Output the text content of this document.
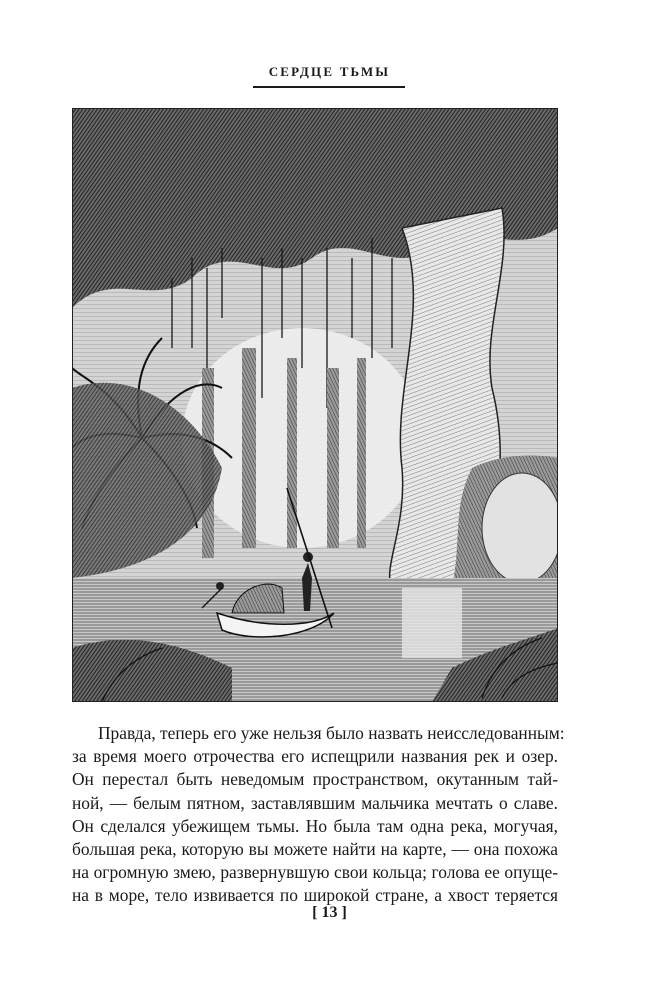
СЕРДЦЕ ТЬМЫ
Правда, теперь его уже нельзя было назвать неисследованным:
за время моего отрочества его испещрили названия рек и озер.
Он перестал быть неведомым пространством, окутанным тай-
ной, — белым пятном, заставлявшим мальчика мечтать о славе.
Он сделался убежищем тьмы. Но была там одна река, могучая,
большая река, которую вы можете найти на карте, — она похожа
на огромную змею, развернувшую свои кольца; голова ее опуще-
на в море, тело извивается по широкой стране, а хвост теряется
[ 13 ]
